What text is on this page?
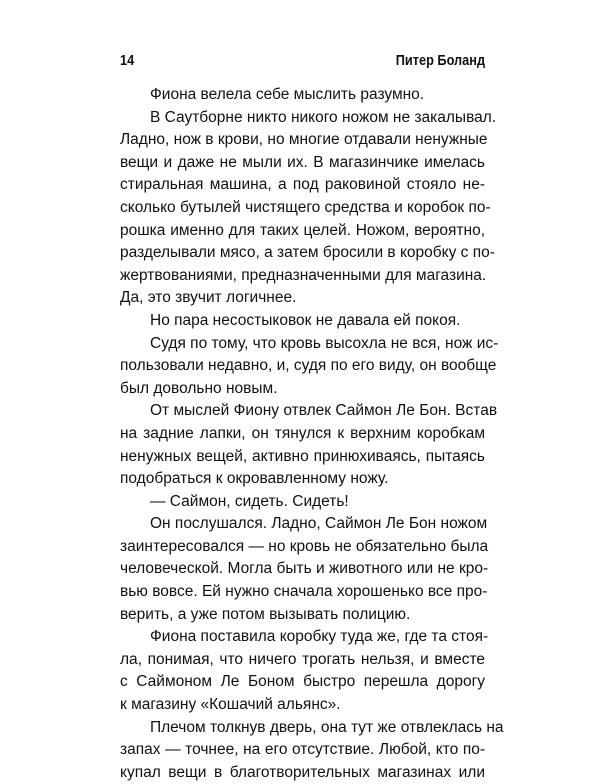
14	Питер Боланд
Фиона велела себе мыслить разумно.
В Саутборне никто никого ножом не закалывал.
Ладно, нож в крови, но многие отдавали ненужные
вещи и даже не мыли их. В магазинчике имелась
стиральная машина, а под раковиной стояло не-
сколько бутылей чистящего средства и коробок по-
рошка именно для таких целей. Ножом, вероятно,
разделывали мясо, а затем бросили в коробку с по-
жертвованиями, предназначенными для магазина.
Да, это звучит логичнее.
Но пара несостыковок не давала ей покоя.
Судя по тому, что кровь высохла не вся, нож ис-
пользовали недавно, и, судя по его виду, он вообще
был довольно новым.
От мыслей Фиону отвлек Саймон Ле Бон. Встав
на задние лапки, он тянулся к верхним коробкам
ненужных вещей, активно принюхиваясь, пытаясь
подобраться к окровавленному ножу.
— Саймон, сидеть. Сидеть!
Он послушался. Ладно, Саймон Ле Бон ножом
заинтересовался — но кровь не обязательно была
человеческой. Могла быть и животного или не кро-
вью вовсе. Ей нужно сначала хорошенько все про-
верить, а уже потом вызывать полицию.
Фиона поставила коробку туда же, где та стоя-
ла, понимая, что ничего трогать нельзя, и вместе
с Саймоном Ле Боном быстро перешла дорогу
к магазину «Кошачий альянс».
Плечом толкнув дверь, она тут же отвлеклась на
запах — точнее, на его отсутствие. Любой, кто по-
купал вещи в благотворительных магазинах или
